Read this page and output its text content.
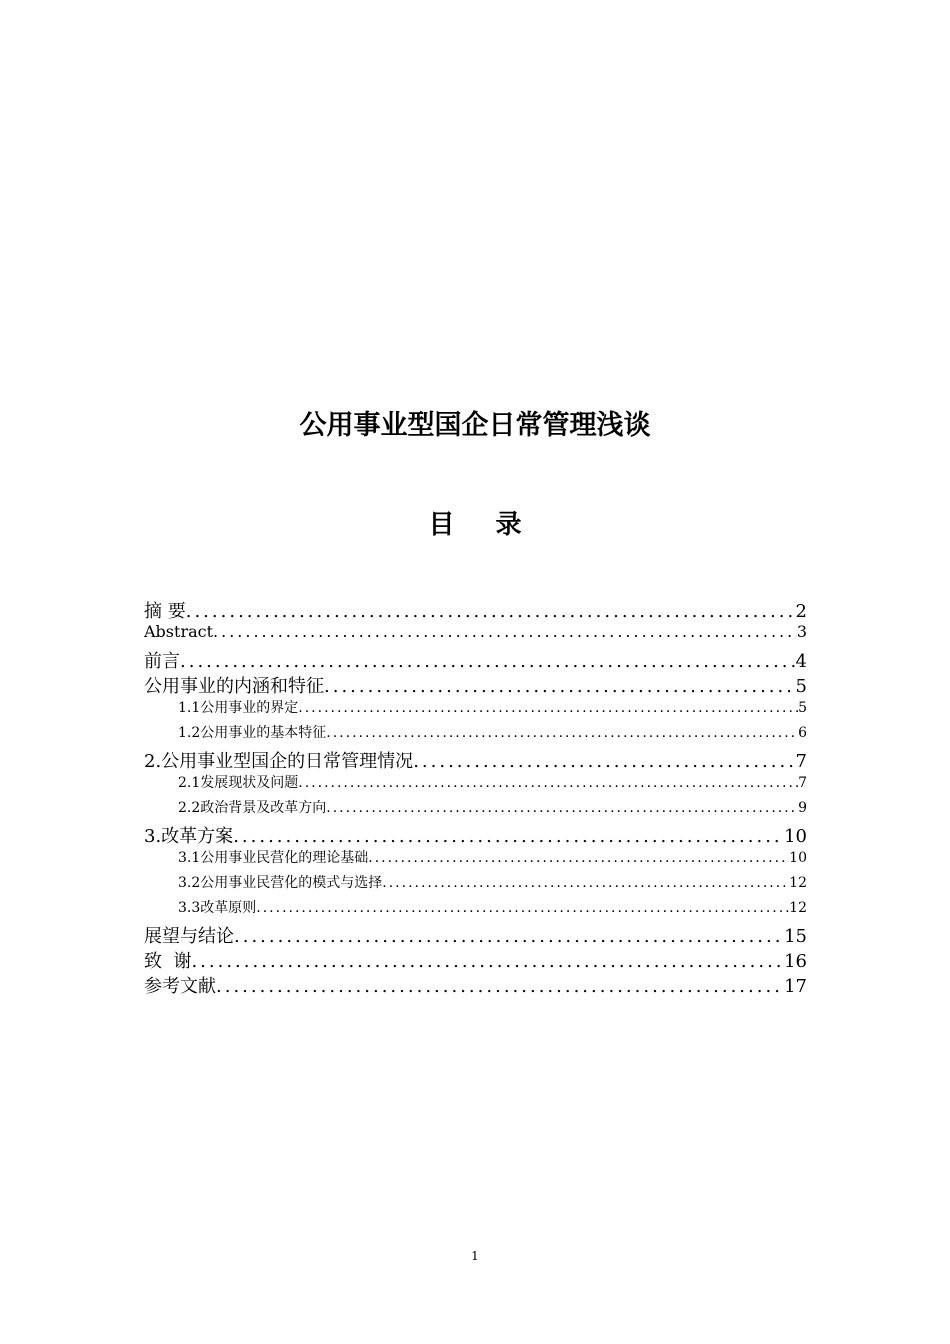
公用事业型国企日常管理浅谈
目 录
摘 要 .....	2
Abstract .....	3
前言 .....	4
公用事业的内涵和特征 .....	5
1.1公用事业的界定 .....	5
1.2公用事业的基本特征 .....	6
2.公用事业型国企的日常管理情况 .....	7
2.1发展现状及问题 .....	7
2.2政治背景及改革方向 .....	9
3.改革方案 .....	10
3.1公用事业民营化的理论基础 .....	10
3.2公用事业民营化的模式与选择 .....	12
3.3改革原则 .....	12
展望与结论 .....	15
致  谢 .....	16
参考文献 .....	17
1
